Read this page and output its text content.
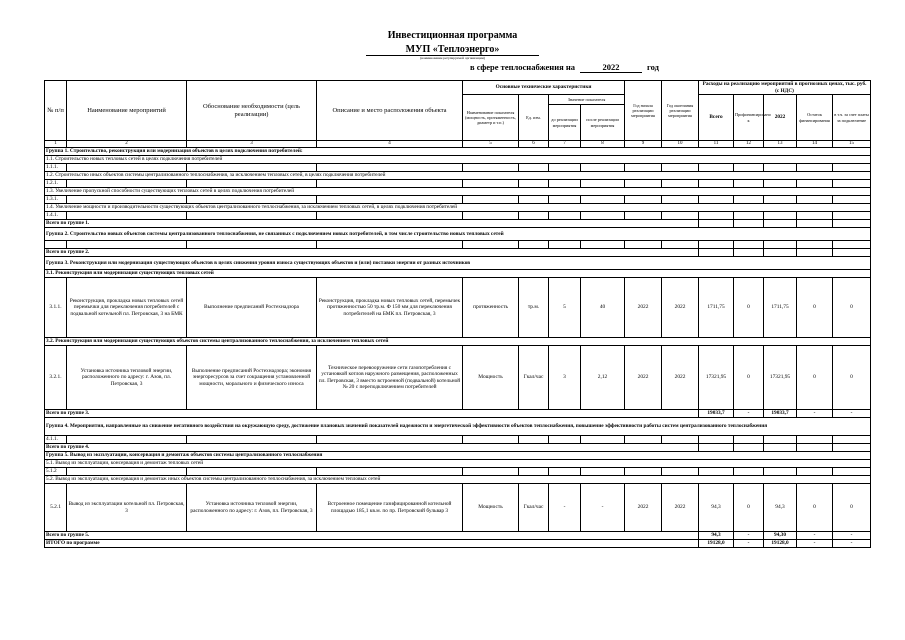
Инвестиционная программа
МУП «Теплоэнерго»
(наименование регулируемой организации)
в сфере теплоснабжения на	2022	год
№ п/п	Наименование мероприятий	Обоснование необходимости (цель реализации)	Описание и место расположения объекта	Основные технические характеристики				Год начала реализации мероприятия	Год окончания реализации мероприятия	Расходы на реализацию мероприятий в прогнозных ценах, тыс. руб. (с НДС)				
				Наименование показателя (мощность, протяженность, диаметр и т.п.)	Ед. изм.	Значение показателя				Всего	Профинансировано к	2022	Остаток финансирования	в т.ч. за счет платы за подключение
						до реализации мероприятия	после реализации мероприятия							
1	2	3	4	5	6	7	8	9	10	11	12	13	14	15
Группа 1. Строительство, реконструкция или модернизация объектов в целях подключения потребителей:														
1.1. Строительство новых тепловых сетей в целях подключения потребителей														
1.1.1.														
1.2. Строительство иных объектов системы централизованного теплоснабжения, за исключением тепловых сетей, в целях подключения потребителей														
1.2.1.														
1.3. Увеличение пропускной способности существующих тепловых сетей в целях подключения потребителей														
1.3.1.														
1.4. Увеличение мощности и производительности существующих объектов централизованного теплоснабжения, за исключением тепловых сетей, в целях подключения потребителей														
1.4.1.														
Всего по группе 1.														
Группа 2. Строительство новых объектов системы централизованного теплоснабжения, не связанных с подключением новых потребителей, в том числе строительство новых тепловых сетей														

Всего по группе 2.														
Группа 3. Реконструкция или модернизация существующих объектов в целях снижения уровня износа существующих объектов и (или) поставки энергии от разных источников														
3.1. Реконструкция или модернизация существующих тепловых сетей														
3.1.1.	Реконструкция, прокладка новых тепловых сетей перемычки для переключения потребителей с подвальной котельной пл. Петровская, 3 на БМК	Выполнение предписаний Ростехнадзора	Реконструкция, прокладка новых тепловых сетей, перемычек протяженностью 50 тр.м. Ф 150 мм для переключения потребителей на БМК пл. Петровская, 3	протяженность	тр.м.	5	40	2022	2022	1711,75	0	1711,75	0	0
3.2. Реконструкция или модернизация существующих объектов системы централизованного теплоснабжения, за исключением тепловых сетей														
3.2.1.	Установка источника тепловой энергии, расположенного по адресу: г. Азов, пл. Петровская, 3	Выполнение предписаний Ростехнадзора; экономия энергоресурсов за счет сокращения установленной мощности, морального и физического износа	Техническое перевооружение сети газопотребления с установкой котлов наружного размещения, расположенных пл. Петровская, 3 вместо встроенной (подвальной) котельной № 20 с переподключением потребителей	Мощность	Гкал/час	3	2,12	2022	2022	17321,95	0	17321,95	0	0
Всего по группе 3.										19033,7	-	19033,7	-	-
Группа 4. Мероприятия, направленные на снижение негативного воздействия на окружающую среду, достижение плановых значений показателей надежности и энергетической эффективности объектов теплоснабжения, повышение эффективности работы систем централизованного теплоснабжения														
4.1.1.														
Всего по группе 4.														
Группа 5. Вывод из эксплуатации, консервация и демонтаж объектов системы централизованного теплоснабжения														
5.1. Вывод из эксплуатации, консервация и демонтаж тепловых сетей														
5.1.2														
5.2. Вывод из эксплуатации, консервация и демонтаж иных объектов системы централизованного теплоснабжения, за исключением тепловых сетей														
5.2.1	Вывод из эксплуатации котельной пл. Петровская, 3	Установка источника тепловой энергии, расположенного по адресу: г. Азов, пл. Петровская, 3	Встроенное помещение газифицированной котельной площадью 185,1 кв.м. по пр. Петровский бульвар 3	Мощность	Гкал/час	-	-	2022	2022	94,3	0	94,3	0	0
Всего по группе 5.										94,3	-	94,30	-	-
ИТОГО по программе										19128,0	-	19128,0	-	-
